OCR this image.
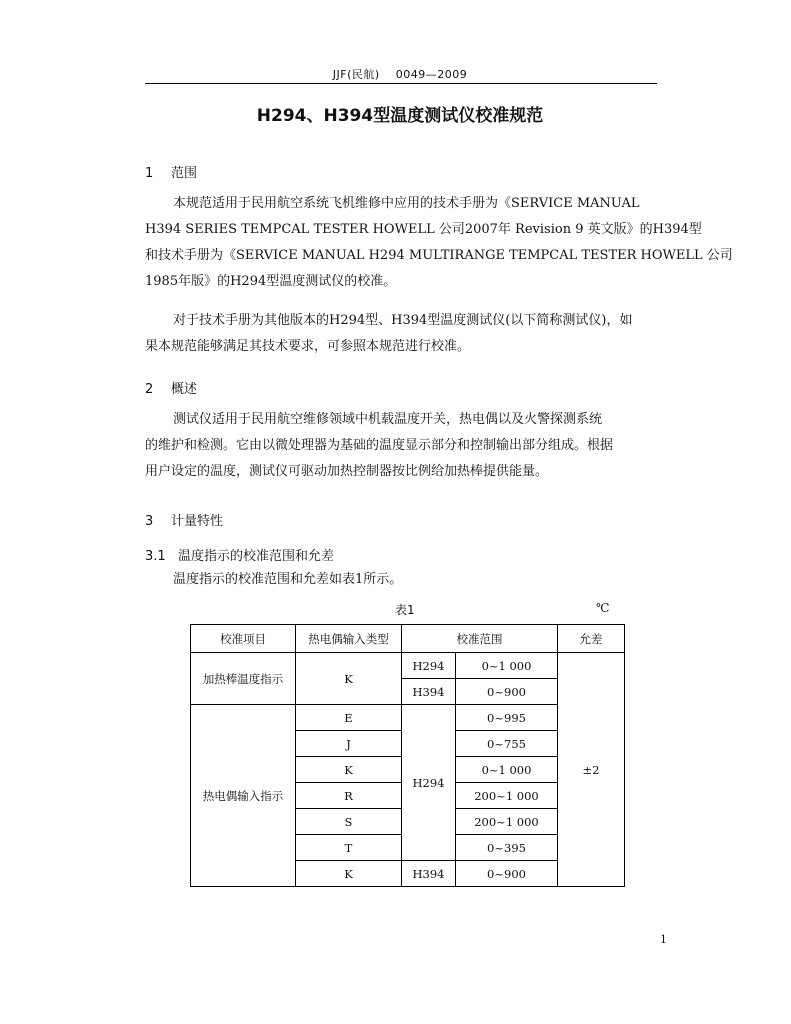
JJF(民航) 0049—2009
H294、H394型温度测试仪校准规范
1 范围
本规范适用于民用航空系统飞机维修中应用的技术手册为《SERVICE MANUAL
H394 SERIES TEMPCAL TESTER HOWELL 公司2007年 Revision 9 英文版》的H394型
和技术手册为《SERVICE MANUAL H294 MULTIRANGE TEMPCAL TESTER HOWELL 公司
1985年版》的H294型温度测试仪的校准。
对于技术手册为其他版本的H294型、H394型温度测试仪(以下简称测试仪)，如
果本规范能够满足其技术要求，可参照本规范进行校准。
2 概述
测试仪适用于民用航空维修领域中机载温度开关，热电偶以及火警探测系统
的维护和检测。它由以微处理器为基础的温度显示部分和控制输出部分组成。根据
用户设定的温度，测试仪可驱动加热控制器按比例给加热棒提供能量。
3 计量特性
3.1 温度指示的校准范围和允差
温度指示的校准范围和允差如表1所示。
表1	℃
校准项目	热电偶输入类型	校准范围		允差
加热棒温度指示	K	H294	0~1 000	±2
		H394	0~900	
热电偶输入指示	E	H294	0~995	
	J		0~755	
	K		0~1 000	
	R		200~1 000	
	S		200~1 000	
	T		0~395	
	K	H394	0~900	
1
